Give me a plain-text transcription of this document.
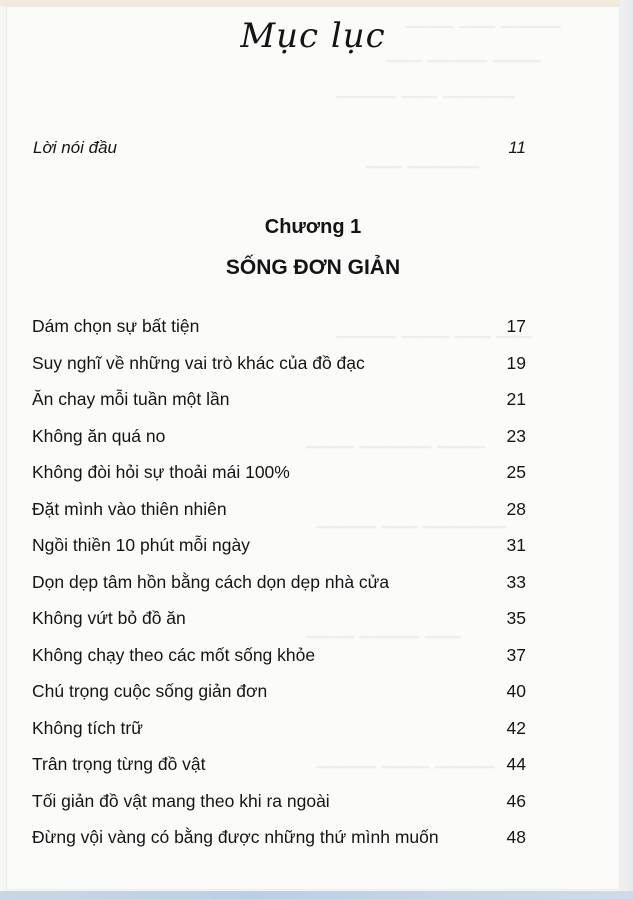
▔▔▔▔ ▔▔▔ ▔▔▔▔▔
▔▔▔ ▔▔▔▔▔ ▔▔▔▔
▔▔▔▔▔ ▔▔▔ ▔▔▔▔▔▔
▔▔▔ ▔▔▔▔▔▔
▔▔▔▔▔ ▔▔▔▔ ▔▔▔ ▔▔▔
▔▔▔▔ ▔▔▔▔▔▔ ▔▔▔▔
▔▔▔▔▔ ▔▔▔ ▔▔▔▔▔▔▔
▔▔▔▔ ▔▔▔▔▔ ▔▔▔
▔▔▔▔▔ ▔▔▔▔ ▔▔▔▔▔
Mục lục
Lời nói đầu	11
Chương 1
SỐNG ĐƠN GIẢN
Dám chọn sự bất tiện	17
Suy nghĩ về những vai trò khác của đồ đạc	19
Ăn chay mỗi tuần một lần	21
Không ăn quá no	23
Không đòi hỏi sự thoải mái 100%	25
Đặt mình vào thiên nhiên	28
Ngồi thiền 10 phút mỗi ngày	31
Dọn dẹp tâm hồn bằng cách dọn dẹp nhà cửa	33
Không vứt bỏ đồ ăn	35
Không chạy theo các mốt sống khỏe	37
Chú trọng cuộc sống giản đơn	40
Không tích trữ	42
Trân trọng từng đồ vật	44
Tối giản đồ vật mang theo khi ra ngoài	46
Đừng vội vàng có bằng được những thứ mình muốn	48
